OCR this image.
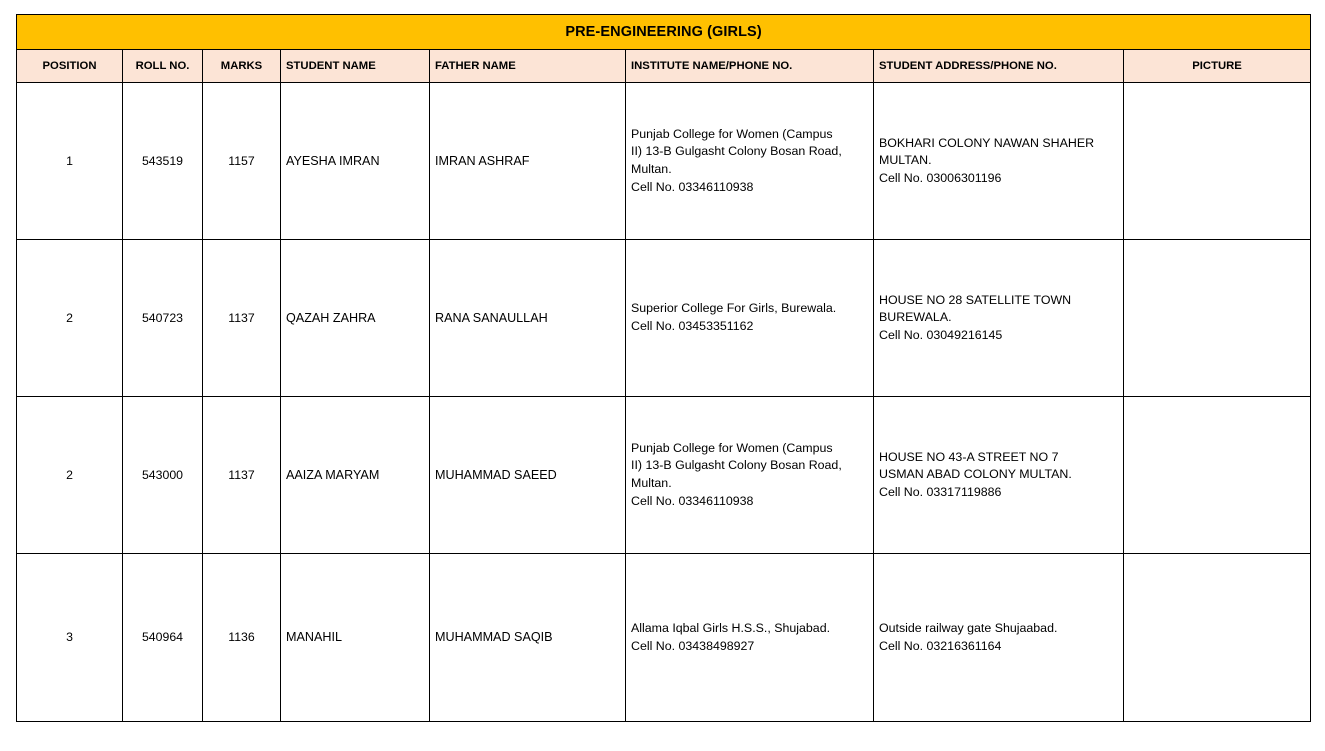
PRE-ENGINEERING (GIRLS)							
POSITION	ROLL NO.	MARKS	STUDENT NAME	FATHER NAME	INSTITUTE NAME/PHONE NO.	STUDENT ADDRESS/PHONE NO.	PICTURE
1	543519	1157	AYESHA IMRAN	IMRAN ASHRAF	Punjab College for Women (Campus
II) 13-B Gulgasht Colony Bosan Road,
Multan.
Cell No. 03346110938	BOKHARI COLONY NAWAN SHAHER
MULTAN.
Cell No. 03006301196	

2	540723	1137	QAZAH ZAHRA	RANA SANAULLAH	Superior College For Girls, Burewala.
Cell No. 03453351162	HOUSE NO 28 SATELLITE TOWN
BUREWALA.
Cell No. 03049216145	

2	543000	1137	AAIZA MARYAM	MUHAMMAD SAEED	Punjab College for Women (Campus
II) 13-B Gulgasht Colony Bosan Road,
Multan.
Cell No. 03346110938	HOUSE NO 43-A STREET NO 7
USMAN ABAD COLONY MULTAN.
Cell No. 03317119886	

3	540964	1136	MANAHIL	MUHAMMAD SAQIB	Allama Iqbal Girls H.S.S., Shujabad.
Cell No. 03438498927	Outside railway gate Shujaabad.
Cell No. 03216361164	
